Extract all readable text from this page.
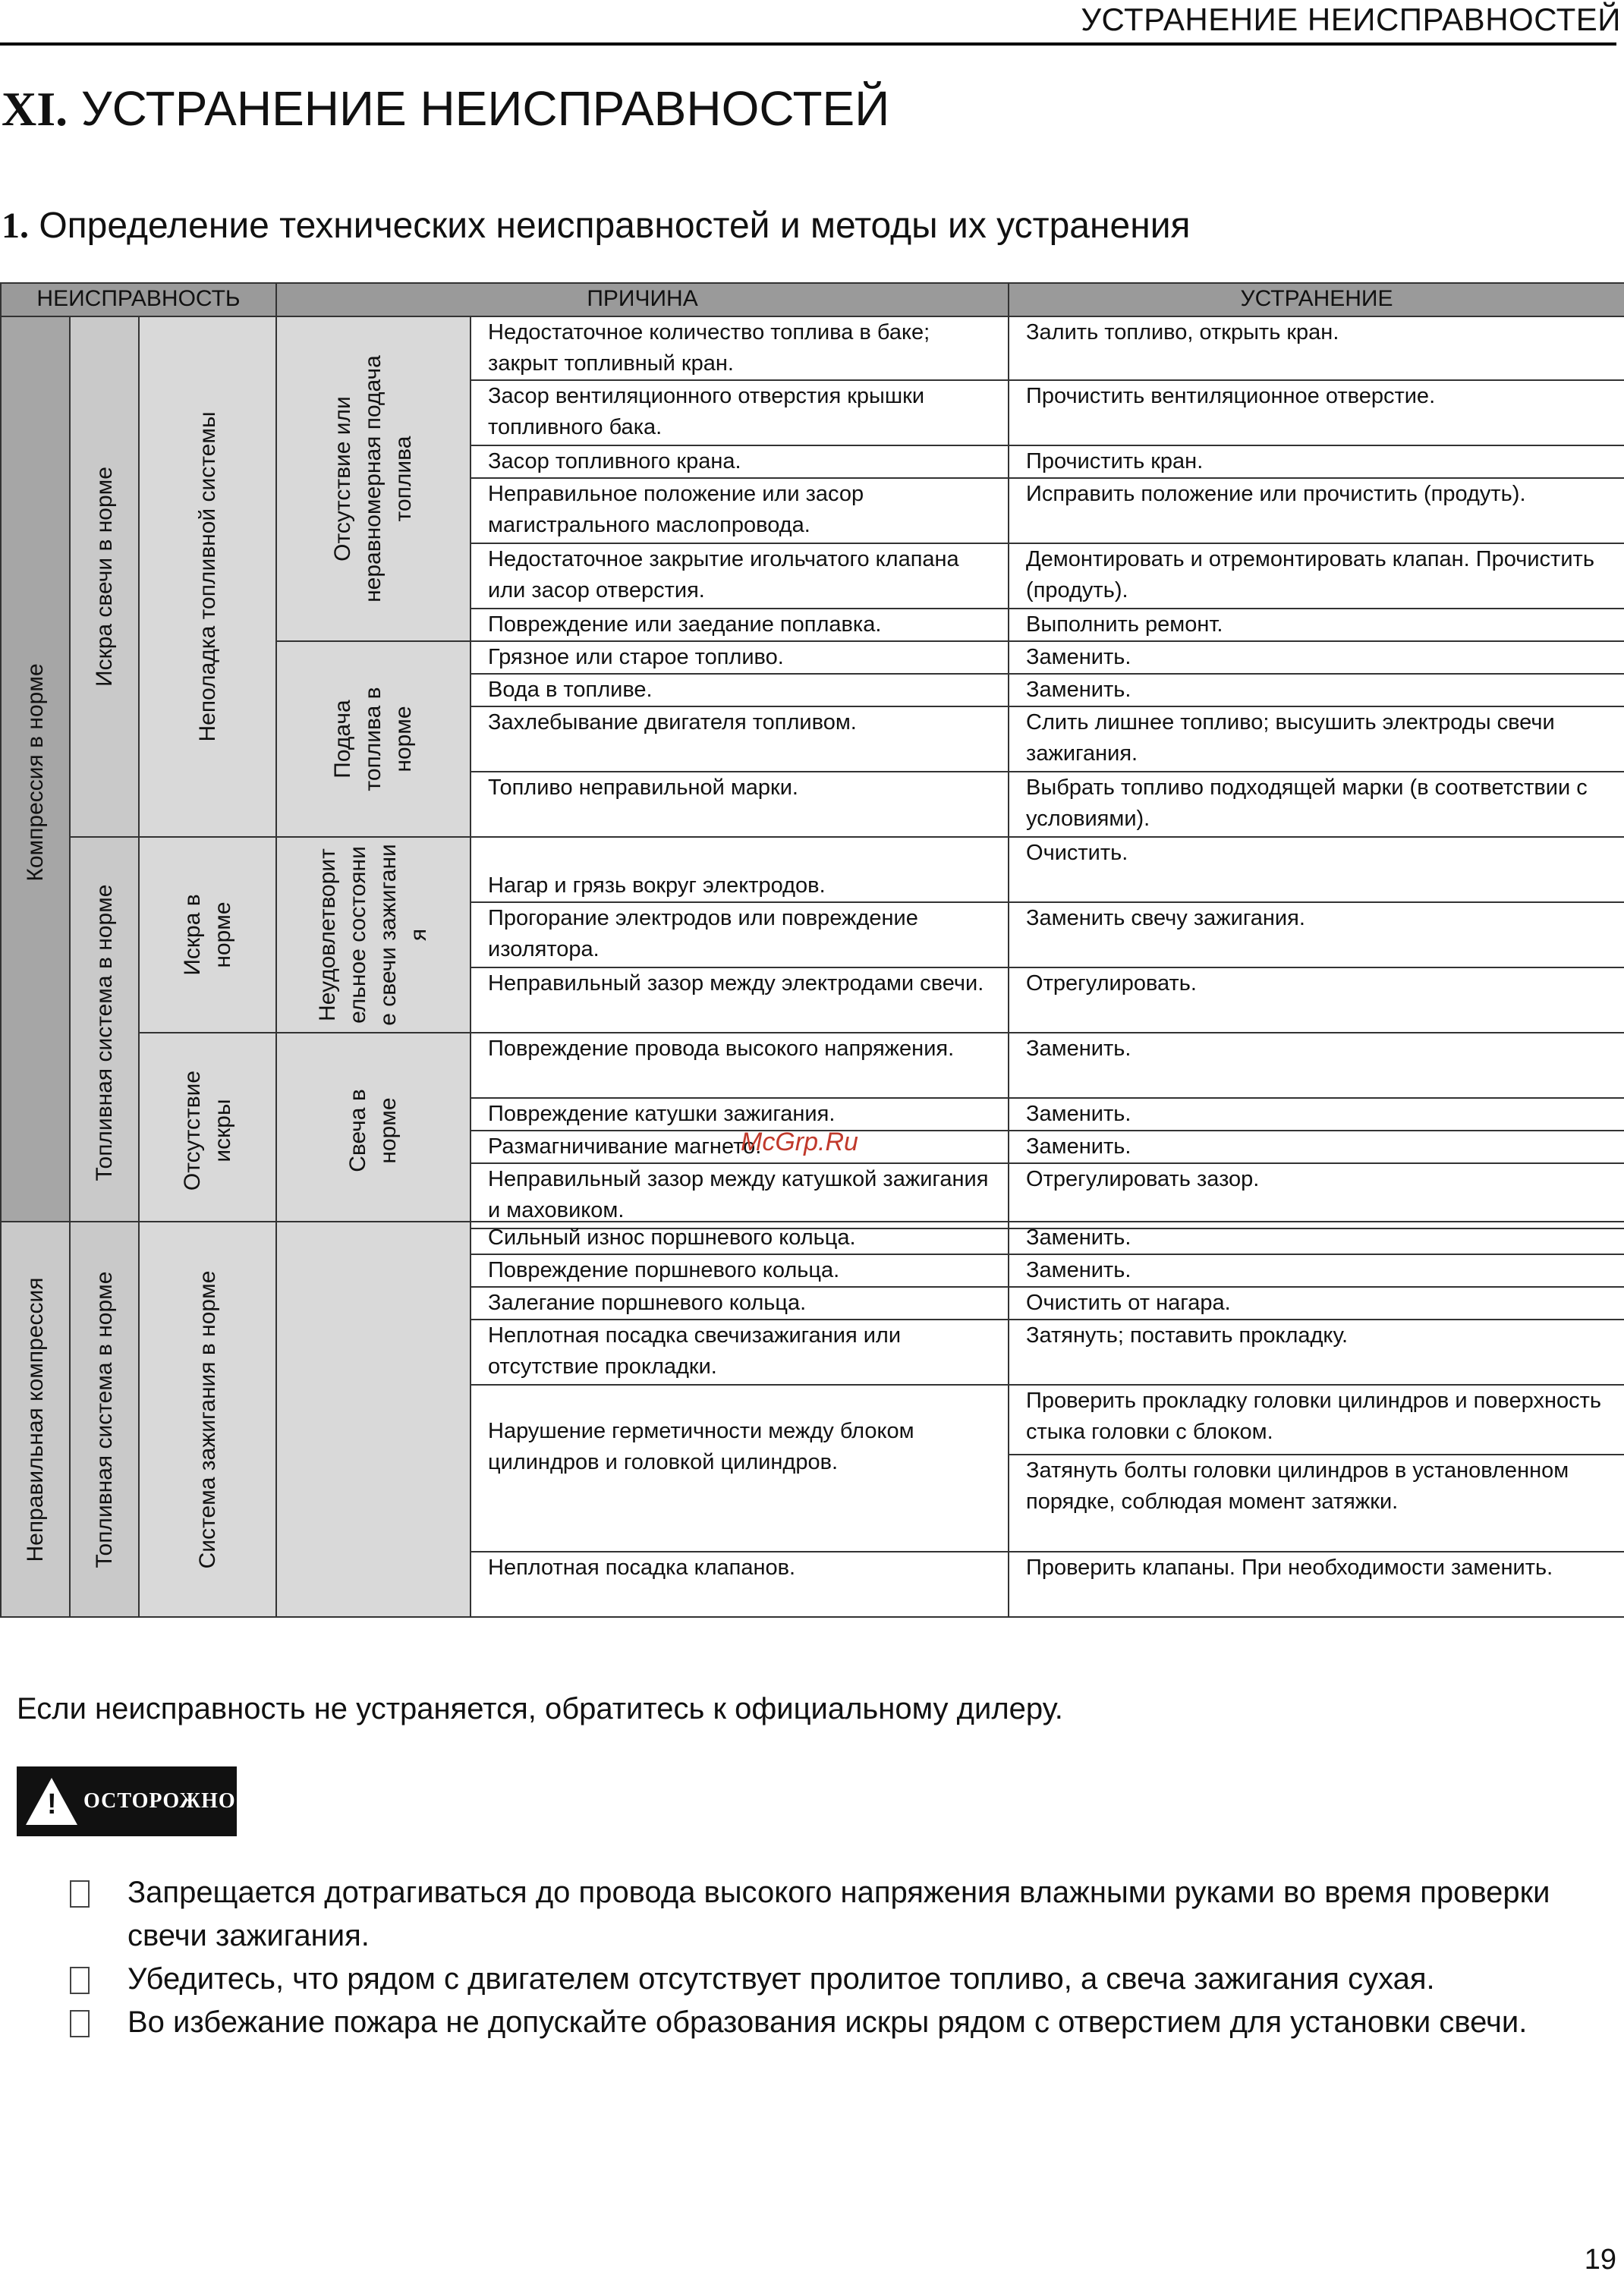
УСТРАНЕНИЕ НЕИСПРАВНОСТЕЙ
XI. УСТРАНЕНИЕ НЕИСПРАВНОСТЕЙ
1. Определение технических неисправностей и методы их устранения
НЕИСПРАВНОСТЬ			ПРИЧИНА		УСТРАНЕНИЕ

Компрессия в норме	Искра свечи в норме	Неполадка топливной системы	Отсутствие или неравномерная подача топлива	Недостаточное количество топлива в баке; закрыт топливный кран.	Залить топливо, открыть кран.
				Засор вентиляционного отверстия крышки топливного бака.	Прочистить вентиляционное отверстие.
				Засор топливного крана.	Прочистить кран.
				Неправильное положение или засор магистрального маслопровода.	Исправить положение или прочистить (продуть).
				Недостаточное закрытие игольчатого клапана или засор отверстия.	Демонтировать и отремонтировать клапан. Прочистить (продуть).
				Повреждение или заедание поплавка.	Выполнить ремонт.

			Подача топлива в норме	Грязное или старое топливо.	Заменить.
				Вода в топливе.	Заменить.
				Захлебывание двигателя топливом.	Слить лишнее топливо; высушить электроды свечи зажигания.
				Топливо неправильной марки.	Выбрать топливо подходящей марки (в соответствии с условиями).

	Топливная система в норме	Искра в норме	Неудовлетворительное состояние свечи зажигания	Нагар и грязь вокруг электродов.	Очистить.
				Прогорание электродов или повреждение изолятора.	Заменить свечу зажигания.
				Неправильный зазор между электродами свечи.	Отрегулировать.

		Отсутствие искры	Свеча в норме	Повреждение провода высокого напряжения.	Заменить.
				Повреждение катушки зажигания.	Заменить.
				Размагничивание магнето.	Заменить.
				Неправильный зазор между катушкой зажигания и маховиком.	Отрегулировать зазор.
Неправильная компрессия	Топливная система в норме	Система зажигания в норме		Сильный износ поршневого кольца.	Заменить.
				Повреждение поршневого кольца.	Заменить.
				Залегание поршневого кольца.	Очистить от нагара.
				Неплотная посадка свечизажигания или отсутствие прокладки.	Затянуть; поставить прокладку.
				Нарушение герметичности между блоком цилиндров и головкой цилиндров.	Проверить прокладку головки цилиндров и поверхность стыка головки с блоком.
					Затянуть болты головки цилиндров в установленном порядке, соблюдая момент затяжки.
				Неплотная посадка клапанов.	Проверить клапаны. При необходимости заменить.
McGrp.Ru
Если неисправность не устраняется, обратитесь к официальному дилеру.
! ОСТОРОЖНО
Запрещается дотрагиваться до провода высокого напряжения влажными руками во время проверки свечи зажигания.
Убедитесь, что рядом с двигателем отсутствует пролитое топливо, а свеча зажигания сухая.
Во избежание пожара не допускайте образования искры рядом с отверстием для установки свечи.
19
